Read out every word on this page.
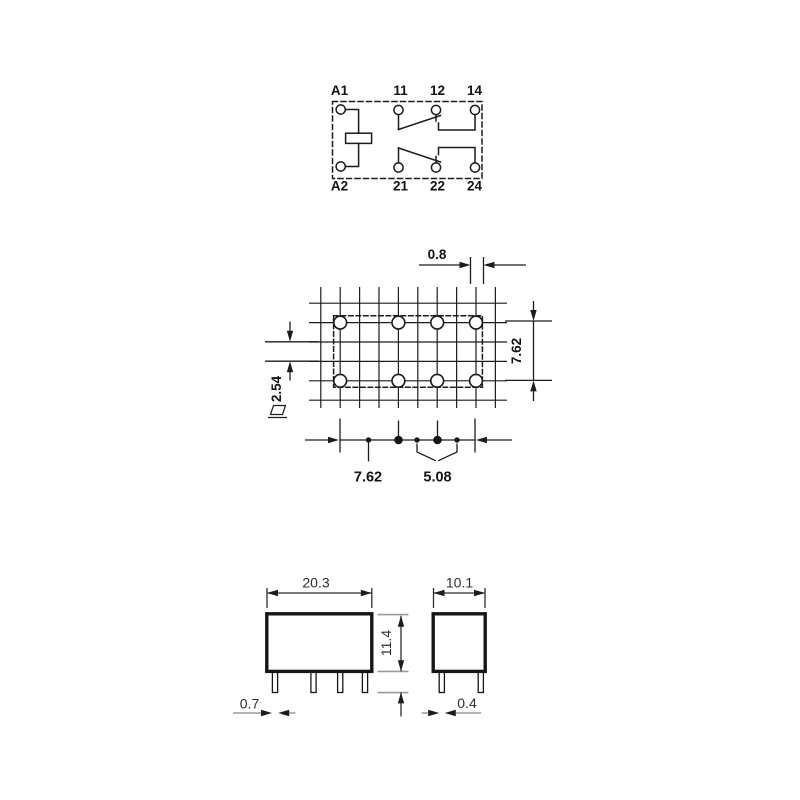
A1	11 12 14
A2	21 22 24
0.8
2.54
7.62
7.62	5.08
20.3	10.1
11.4
0.7	0.4
